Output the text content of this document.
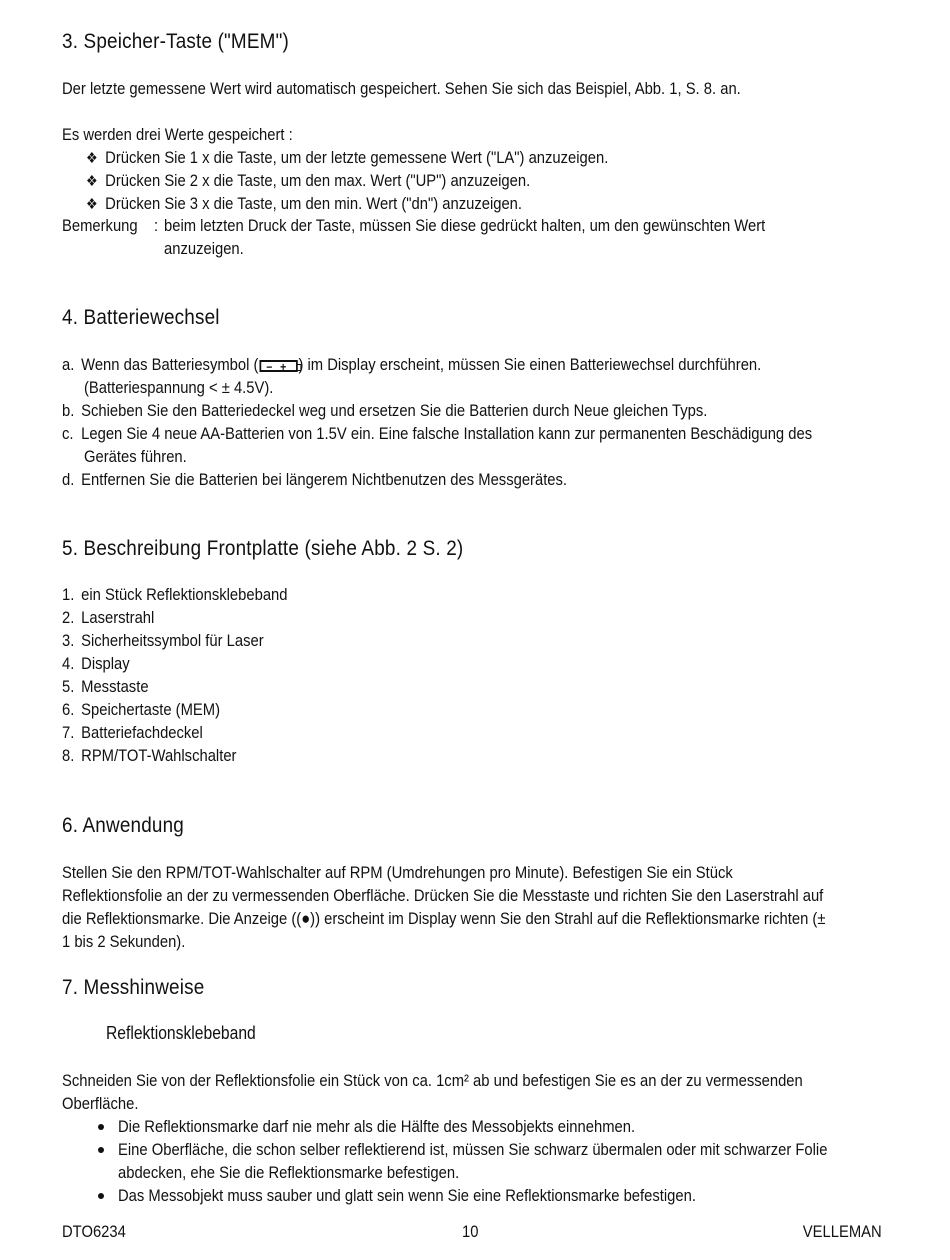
3. Speicher-Taste ("MEM")
Der letzte gemessene Wert wird automatisch gespeichert. Sehen Sie sich das Beispiel, Abb. 1, S. 8. an.
Es werden drei Werte gespeichert :
❖ Drücken Sie 1 x die Taste, um der letzte gemessene Wert ("LA") anzuzeigen.
❖ Drücken Sie 2 x die Taste, um den max. Wert ("UP") anzuzeigen.
❖ Drücken Sie 3 x die Taste, um den min. Wert ("dn") anzuzeigen.
Bemerkung : beim letzten Druck der Taste, müssen Sie diese gedrückt halten, um den gewünschten Wert
anzuzeigen.
4. Batteriewechsel
a. Wenn das Batteriesymbol ( − + ) im Display erscheint, müssen Sie einen Batteriewechsel durchführen.
(Batteriespannung < ± 4.5V).
b. Schieben Sie den Batteriedeckel weg und ersetzen Sie die Batterien durch Neue gleichen Typs.
c. Legen Sie 4 neue AA-Batterien von 1.5V ein. Eine falsche Installation kann zur permanenten Beschädigung des
Gerätes führen.
d. Entfernen Sie die Batterien bei längerem Nichtbenutzen des Messgerätes.
5. Beschreibung Frontplatte (siehe Abb. 2 S. 2)
1. ein Stück Reflektionsklebeband
2. Laserstrahl
3. Sicherheitssymbol für Laser
4. Display
5. Messtaste
6. Speichertaste (MEM)
7. Batteriefachdeckel
8. RPM/TOT-Wahlschalter
6. Anwendung
Stellen Sie den RPM/TOT-Wahlschalter auf RPM (Umdrehungen pro Minute). Befestigen Sie ein Stück
Reflektionsfolie an der zu vermessenden Oberfläche. Drücken Sie die Messtaste und richten Sie den Laserstrahl auf
die Reflektionsmarke. Die Anzeige ((●)) erscheint im Display wenn Sie den Strahl auf die Reflektionsmarke richten (±
1 bis 2 Sekunden).
7. Messhinweise
Reflektionsklebeband
Schneiden Sie von der Reflektionsfolie ein Stück von ca. 1cm² ab und befestigen Sie es an der zu vermessenden
Oberfläche.
Die Reflektionsmarke darf nie mehr als die Hälfte des Messobjekts einnehmen.
Eine Oberfläche, die schon selber reflektierend ist, müssen Sie schwarz übermalen oder mit schwarzer Folie
abdecken, ehe Sie die Reflektionsmarke befestigen.
Das Messobjekt muss sauber und glatt sein wenn Sie eine Reflektionsmarke befestigen.
DTO6234	10	VELLEMAN
